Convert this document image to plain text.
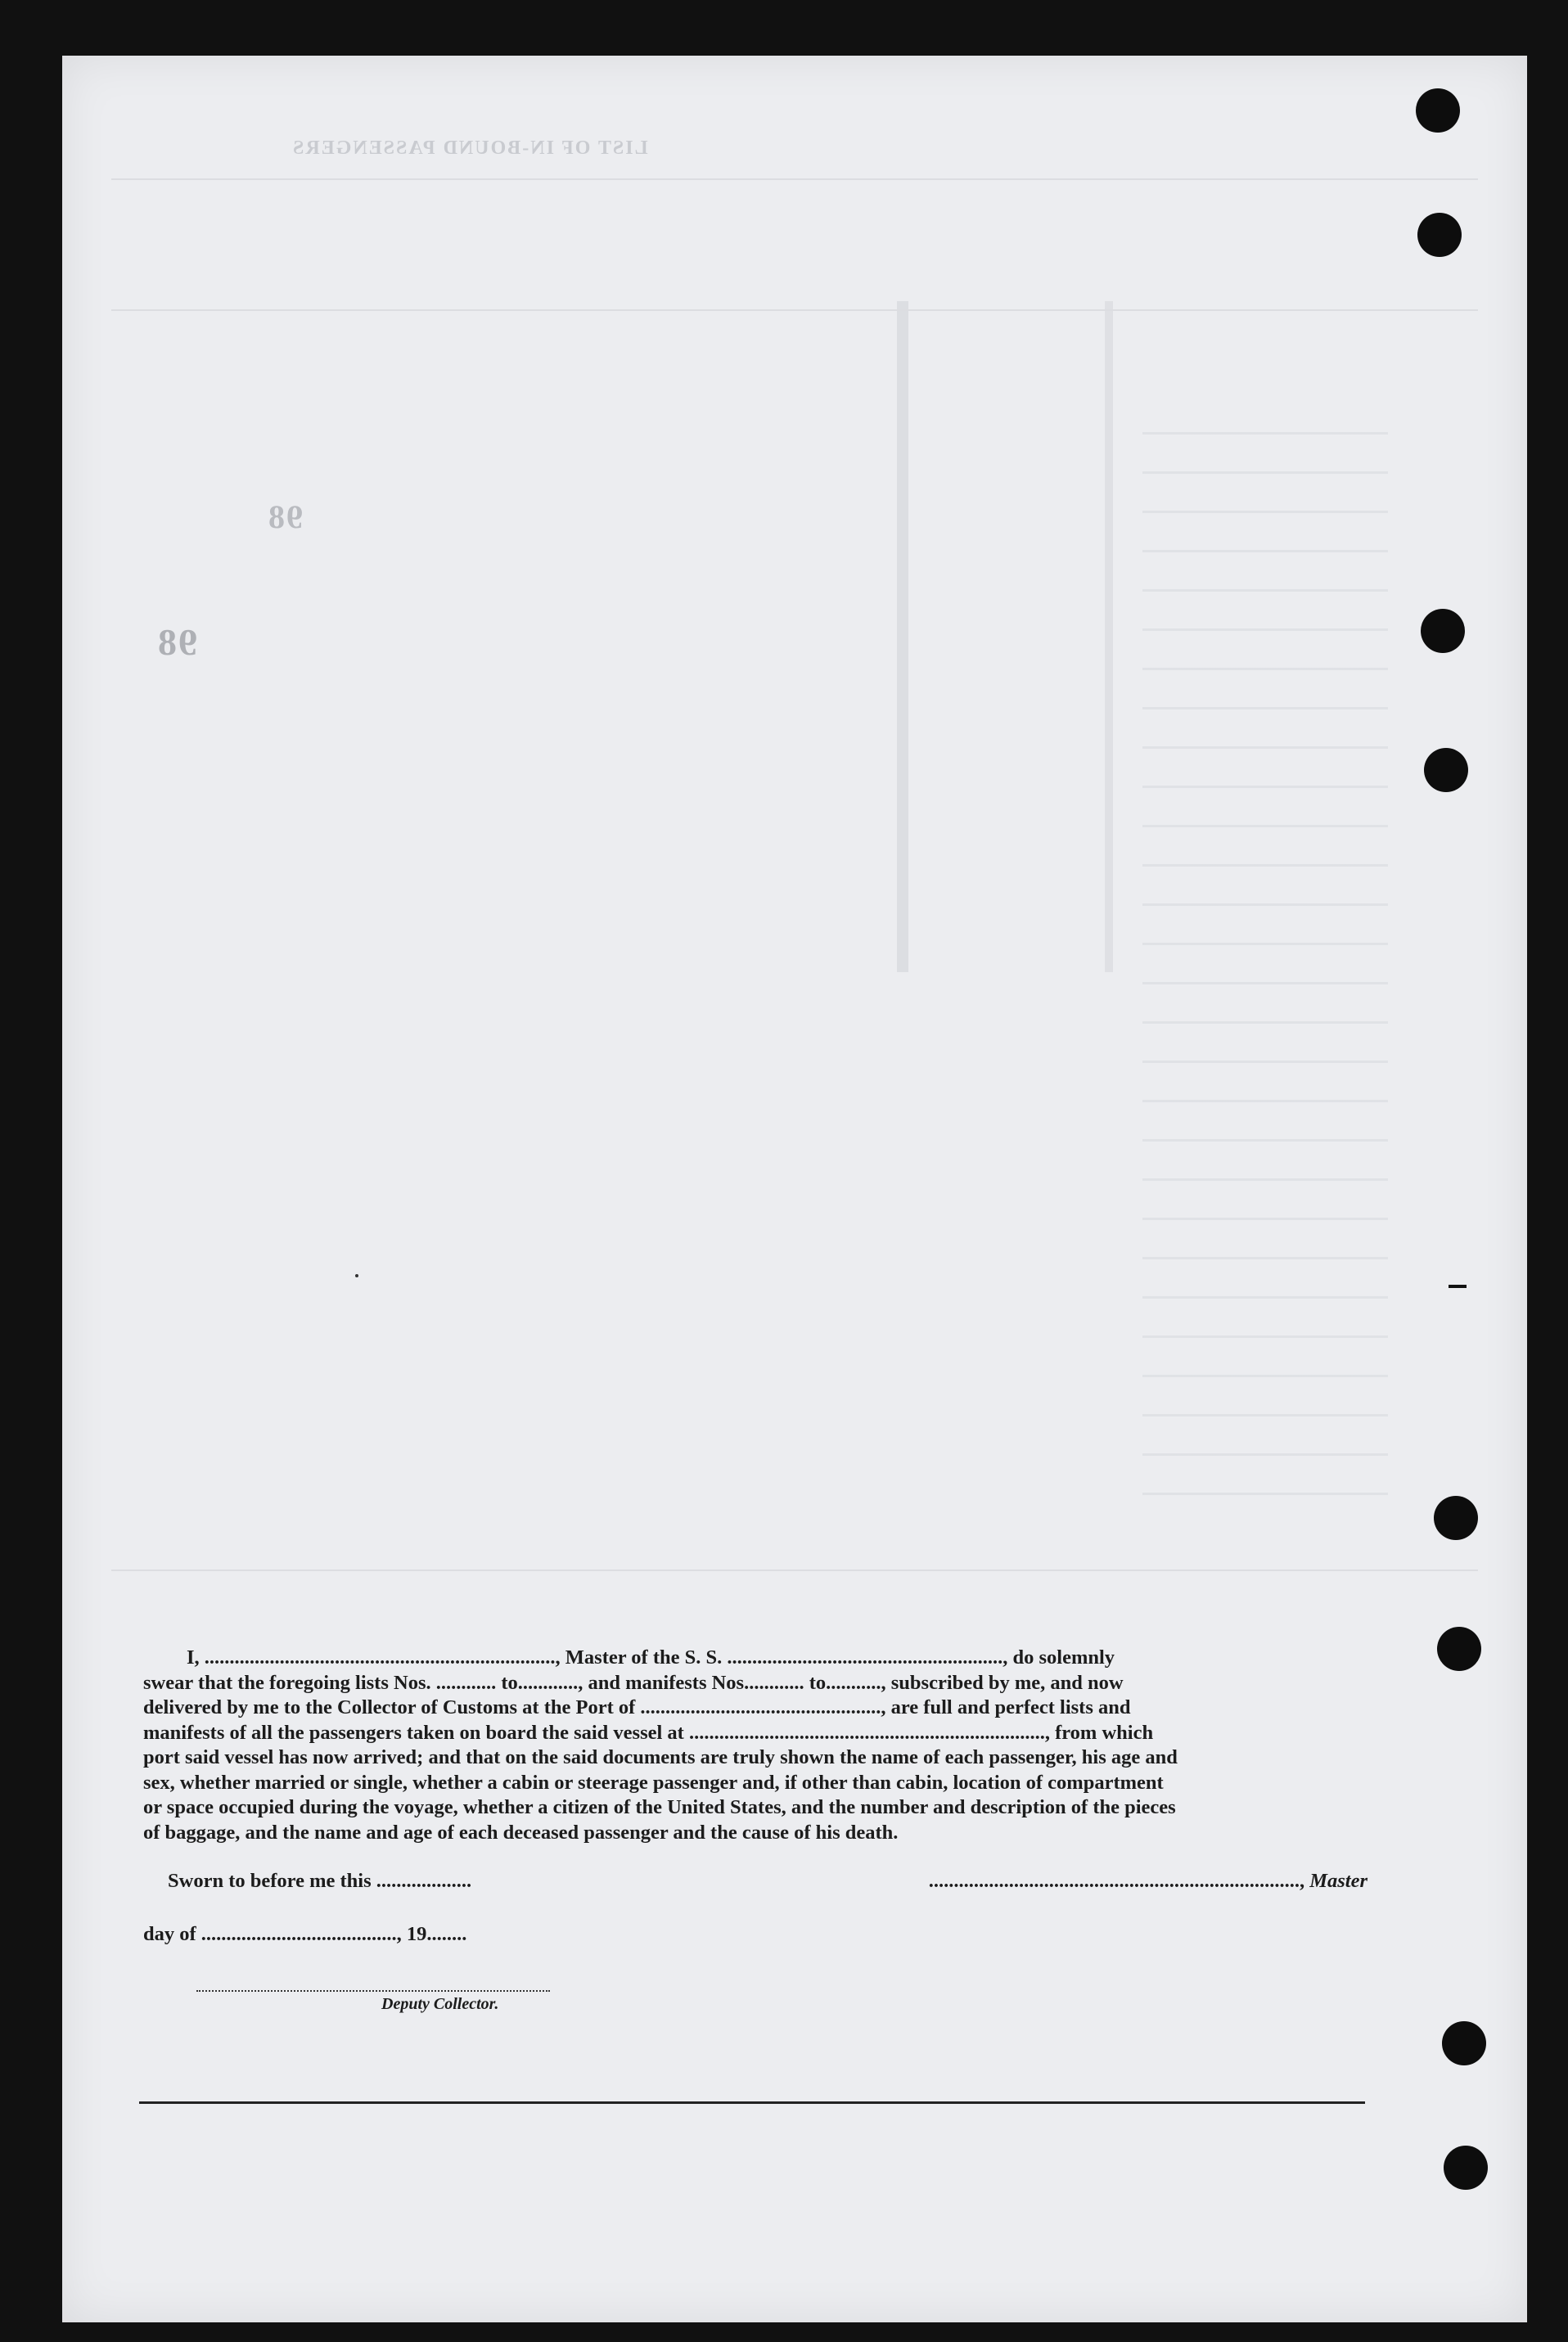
LIST OF IN-BOUND PASSENGERS
98
98
I, ......................................................................, Master of the S. S. ......................................................., do solemnly
swear that the foregoing lists Nos. ............ to............, and manifests Nos............ to..........., subscribed by me, and now
delivered by me to the Collector of Customs at the Port of ................................................, are full and perfect lists and
manifests of all the passengers taken on board the said vessel at ......................................................................., from which
port said vessel has now arrived; and that on the said documents are truly shown the name of each passenger, his age and
sex, whether married or single, whether a cabin or steerage passenger and, if other than cabin, location of compartment
or space occupied during the voyage, whether a citizen of the United States, and the number and description of the pieces
of baggage, and the name and age of each deceased passenger and the cause of his death.
Sworn to before me this ...................	.........................................................................., Master
day of ......................................., 19........
Deputy Collector.
